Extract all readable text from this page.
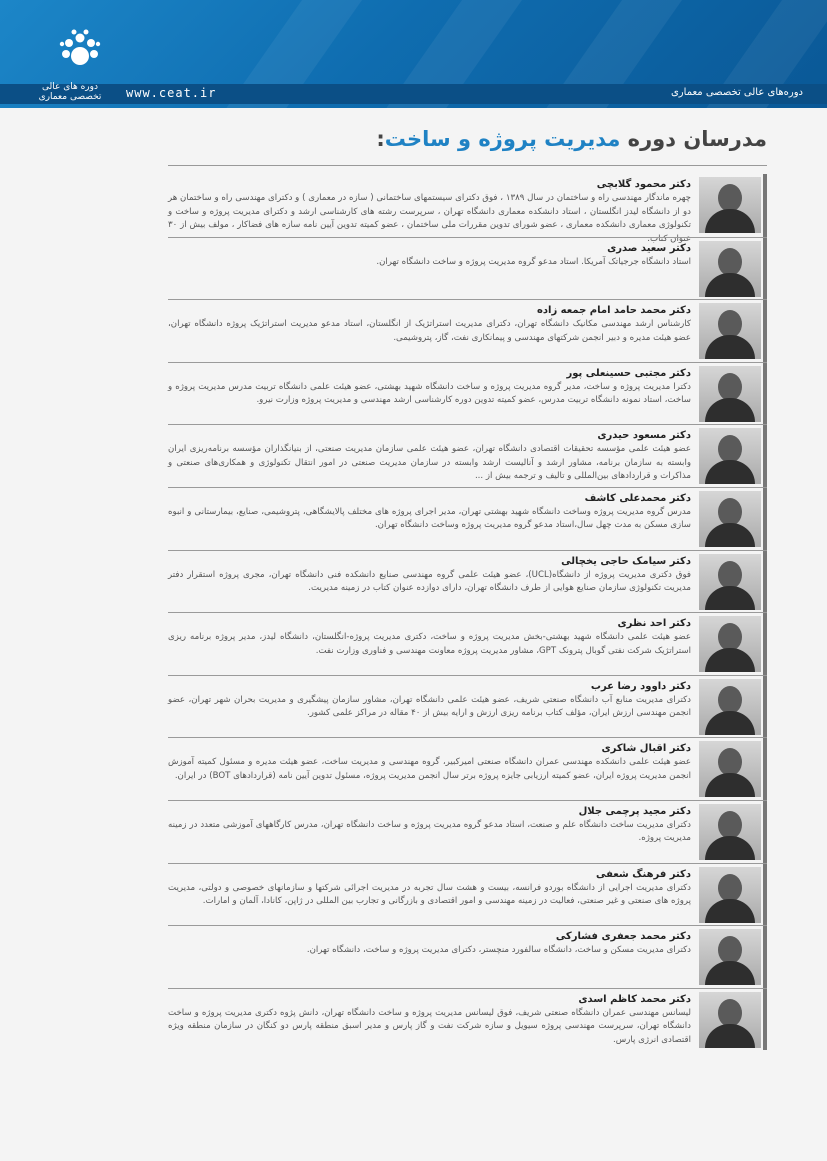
دوره های عالی
تخصصی معماری	www.ceat.ir	دوره‌های عالی تخصصی معماری
مدرسان دوره مدیریت پروژه و ساخت:
دکتر محمود گلابچی
چهره ماندگار مهندسی راه و ساختمان در سال ۱۳۸۹ ، فوق دکترای سیستمهای ساختمانی ( سازه در معماری ) و دکترای مهندسی راه و ساختمان هر دو از دانشگاه لیدز انگلستان ، استاد دانشکده معماری دانشگاه تهران ، سرپرست رشته های کارشناسی ارشد و دکترای مدیریت پروژه و ساخت و تکنولوژی معماری دانشکده معماری ، عضو شورای تدوین مقررات ملی ساختمان ، عضو کمیته تدوین آیین نامه سازه های فضاکار ، مولف بیش از ۳۰ عنوان کتاب.
دکتر سعید صدری
استاد دانشگاه جرجیاتک آمریکا. استاد مدعو گروه مدیریت پروژه و ساخت دانشگاه تهران.
دکتر محمد حامد امام جمعه زاده
کارشناس ارشد مهندسی مکانیک دانشگاه تهران، دکترای مدیریت استراتژیک از انگلستان، استاد مدعو مدیریت استراتژیک پروژه دانشگاه تهران، عضو هیئت مدیره و دبیر انجمن شرکتهای مهندسی و پیمانکاری نفت، گاز، پتروشیمی.
دکتر مجتبی حسینعلی پور
دکترا مدیریت پروژه و ساخت، مدیر گروه مدیریت پروژه و ساخت دانشگاه شهید بهشتی، عضو هیئت علمی دانشگاه تربیت مدرس مدیریت پروژه و ساخت، استاد نمونه دانشگاه تربیت مدرس، عضو کمیته تدوین دوره کارشناسی ارشد مهندسی و مدیریت پروژه وزارت نیرو.
دکتر مسعود حیدری
عضو هیئت علمی مؤسسه تحقیقات اقتصادی دانشگاه تهران، عضو هیئت علمی سازمان مدیریت صنعتی، از بنیانگذاران مؤسسه برنامه‌ریزی ایران وابسته به سازمان برنامه، مشاور ارشد و آنالیست ارشد وابسته در سازمان مدیریت صنعتی در امور انتقال تکنولوژی و همکاری‌های صنعتی و مذاکرات و قراردادهای بین‌المللی و تالیف و ترجمه بیش از ...
دکتر محمدعلی کاشف
مدرس گروه مدیریت پروژه وساخت دانشگاه شهید بهشتی تهران، مدیر اجرای پروژه های مختلف پالایشگاهی، پتروشیمی، صنایع، بیمارستانی و انبوه سازی مسکن به مدت چهل سال،استاد مدعو گروه مدیریت پروژه وساخت دانشگاه تهران.
دکتر سیامک حاجی یخچالی
فوق دکتری مدیریت پروژه از دانشگاه(UCL)، عضو هیئت علمی گروه مهندسی صنایع دانشکده فنی دانشگاه تهران، مجری پروژه استقرار دفتر مدیریت تکنولوژی سازمان صنایع هوایی از طرف دانشگاه تهران، دارای دوازده عنوان کتاب در زمینه مدیریت.
دکتر احد نظری
عضو هیئت علمی دانشگاه شهید بهشتی-بخش مدیریت پروژه و ساخت، دکتری مدیریت پروژه-انگلستان، دانشگاه لیدز، مدیر پروژه برنامه ریزی استراتژیک شرکت نفتی گوبال پترونک GPT، مشاور مدیریت پروژه معاونت مهندسی و فناوری وزارت نفت.
دکتر داوود رضا عرب
دکترای مدیریت منابع آب دانشگاه صنعتی شریف، عضو هیئت علمی دانشگاه تهران، مشاور سازمان پیشگیری و مدیریت بحران شهر تهران، عضو انجمن مهندسی ارزش ایران، مؤلف کتاب برنامه ریزی ارزش و ارایه بیش از ۴۰ مقاله در مراکز علمی کشور.
دکتر اقبال شاکری
عضو هیئت علمی دانشکده مهندسی عمران دانشگاه صنعتی امیرکبیر، گروه مهندسی و مدیریت ساخت، عضو هیئت مدیره و مسئول کمیته آموزش انجمن مدیریت پروژه ایران، عضو کمیته ارزیابی جایزه پروژه برتر سال انجمن مدیریت پروژه، مسئول تدوین آیین نامه (قراردادهای BOT) در ایران.
دکتر مجید پرچمی جلال
دکترای مدیریت ساخت دانشگاه علم و صنعت، استاد مدعو گروه مدیریت پروژه و ساخت دانشگاه تهران، مدرس کارگاههای آموزشی متعدد در زمینه مدیریت پروژه.
دکتر فرهنگ شعفی
دکترای مدیریت اجرایی از دانشگاه بوردو فرانسه، بیست و هشت سال تجربه در مدیریت اجرائی شرکتها و سازمانهای خصوصی و دولتی، مدیریت پروژه های صنعتی و غیر صنعتی، فعالیت در زمینه مهندسی و امور اقتصادی و بازرگانی و تجارب بین المللی در ژاپن، کانادا، آلمان و امارات.
دکتر محمد جعفری فشارکی
دکترای مدیریت مسکن و ساخت، دانشگاه سالفورد منچستر، دکترای مدیریت پروژه و ساخت، دانشگاه تهران.
دکتر محمد کاظم اسدی
لیسانس مهندسی عمران دانشگاه صنعتی شریف، فوق لیسانس مدیریت پروژه و ساخت دانشگاه تهران، دانش پژوه دکتری مدیریت پروژه و ساخت دانشگاه تهران، سرپرست مهندسی پروژه سیویل و سازه شرکت نفت و گاز پارس و مدیر اسبق منطقه پارس دو کنگان در سازمان منطقه ویژه اقتصادی انرژی پارس.
